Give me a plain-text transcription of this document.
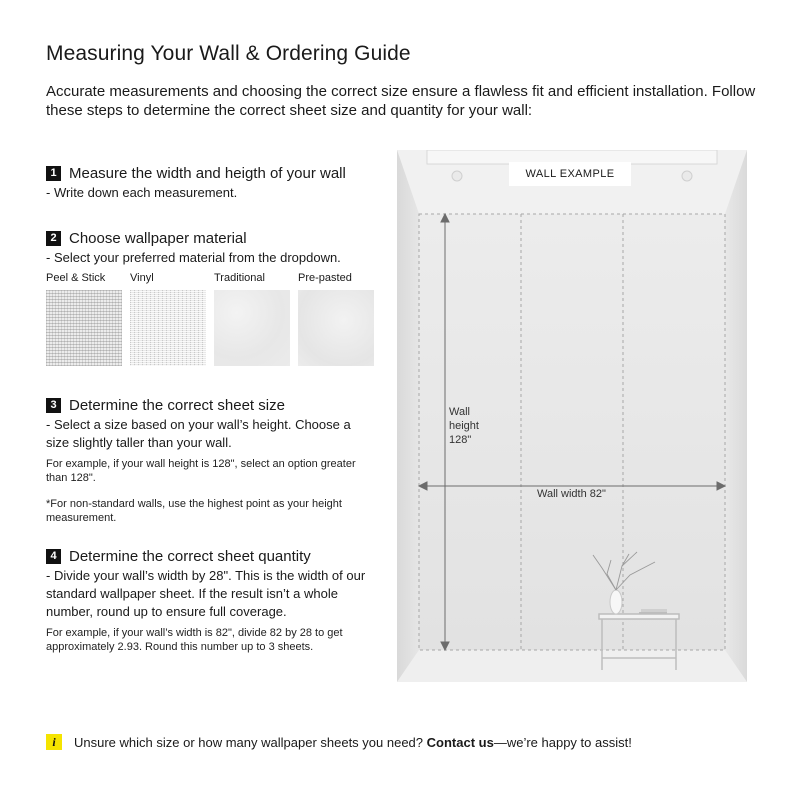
Measuring Your Wall & Ordering Guide
Accurate measurements and choosing the correct size ensure a flawless fit and efficient installation. Follow these steps to determine the correct sheet size and quantity for your wall:
1 Measure the width and heigth of your wall
- Write down each measurement.
2 Choose wallpaper material
- Select your preferred material from the dropdown.
Peel & Stick Vinyl	Traditional	Pre-pasted
3 Determine the correct sheet size
- Select a size based on your wall’s height. Choose a size slightly taller than your wall.
For example, if your wall height is 128", select an option greater than 128".
*For non-standard walls, use the highest point as your height measurement.
4 Determine the correct sheet quantity
- Divide your wall’s width by 28". This is the width of our standard wallpaper sheet. If the result isn’t a whole number, round up to ensure full coverage.
For example, if your wall’s width is 82", divide 82 by 28 to get approximately 2.93. Round this number up to 3 sheets.
WALL EXAMPLE
Wall
height
128"
Wall width 82"
i	Unsure which size or how many wallpaper sheets you need?
Contact us —we’re happy to assist!
